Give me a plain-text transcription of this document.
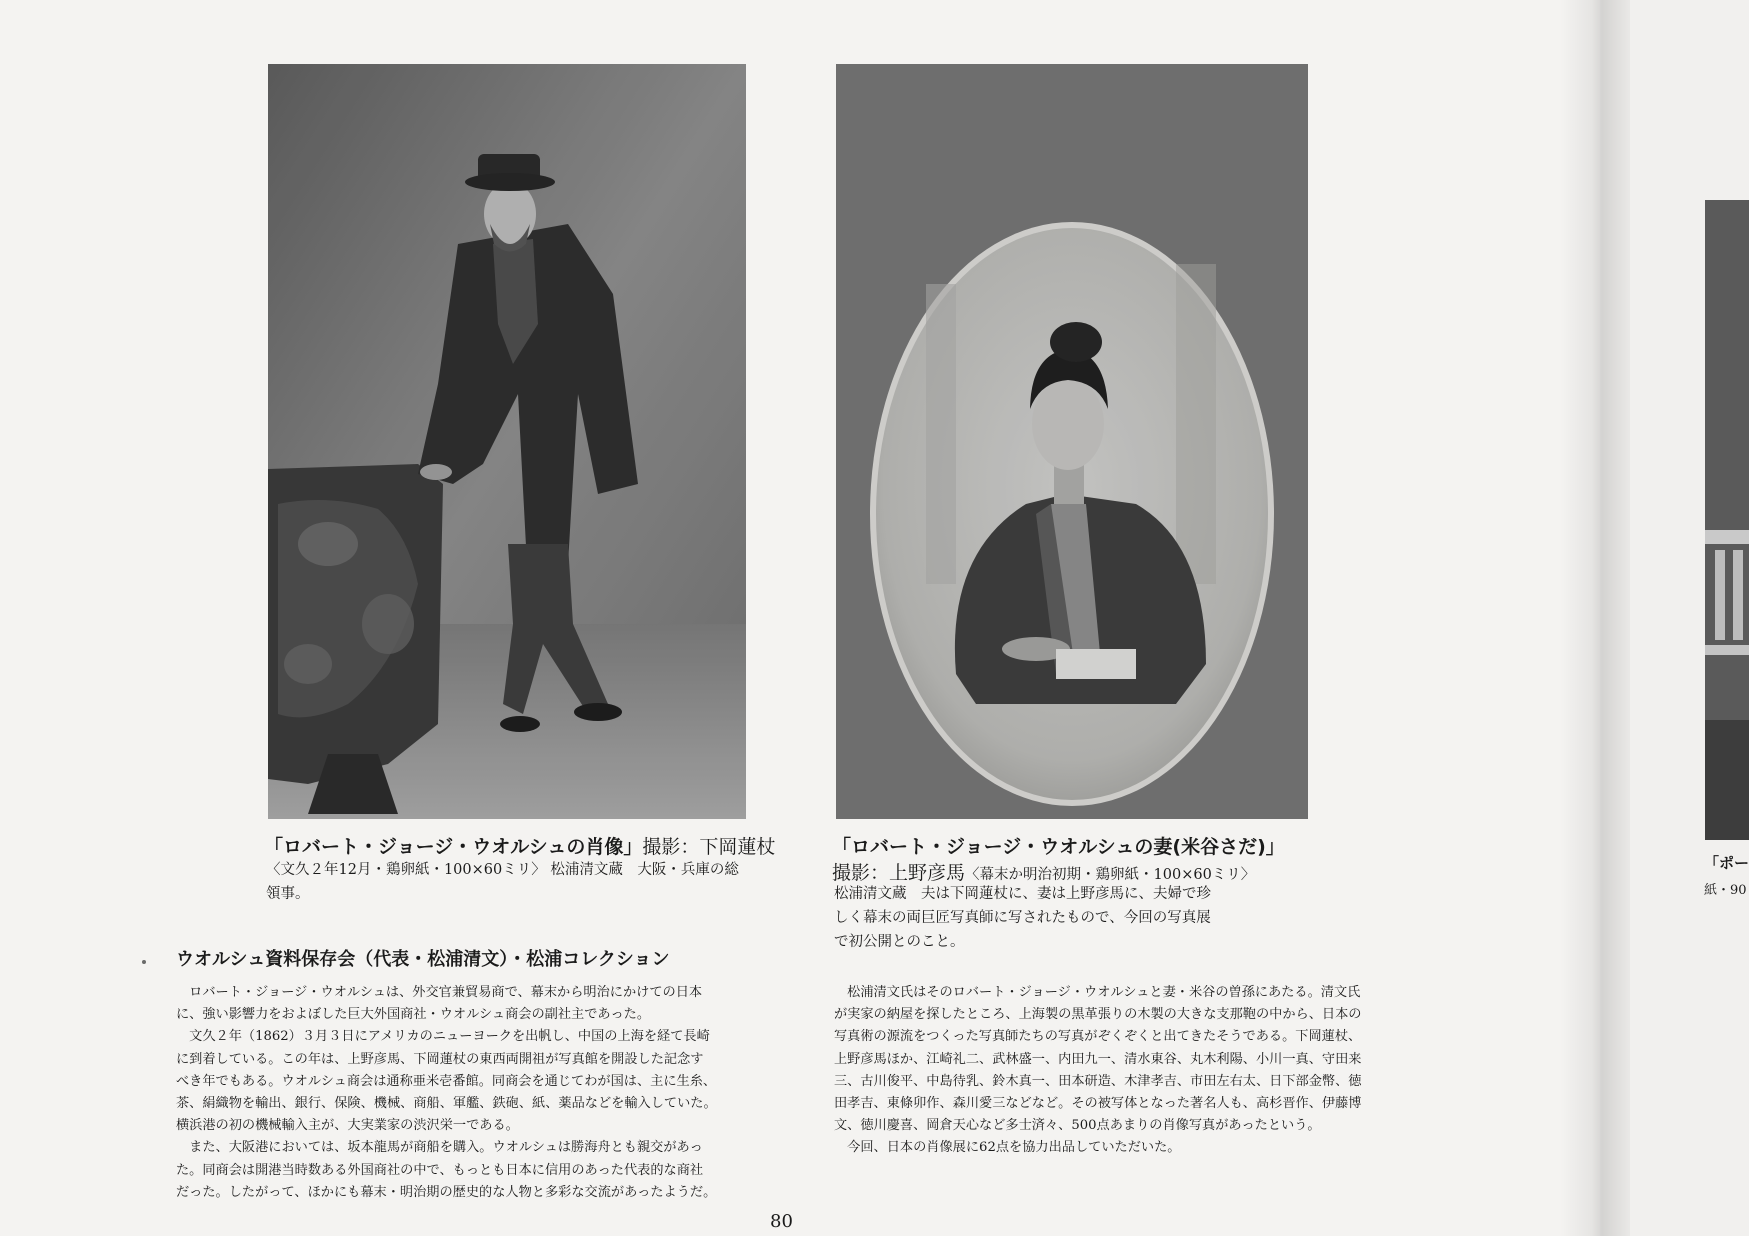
「ロバート・ジョージ・ウオルシュの肖像」撮影：下岡蓮杖
〈文久２年12月・鶏卵紙・100×60ミリ〉 松浦清文蔵　大阪・兵庫の総
領事。
「ロバート・ジョージ・ウオルシュの妻(米谷さだ)」
撮影：上野彦馬〈幕末か明治初期・鶏卵紙・100×60ミリ〉
松浦清文蔵　夫は下岡蓮杖に、妻は上野彦馬に、夫婦で珍
しく幕末の両巨匠写真師に写されたもので、今回の写真展
で初公開とのこと。
ウオルシュ資料保存会（代表・松浦清文）・松浦コレクション

　ロバート・ジョージ・ウオルシュは、外交官兼貿易商で、幕末から明治にかけての日本

に、強い影響力をおよぼした巨大外国商社・ウオルシュ商会の副社主であった。

　文久２年（1862）３月３日にアメリカのニューヨークを出帆し、中国の上海を経て長崎

に到着している。この年は、上野彦馬、下岡蓮杖の東西両開祖が写真館を開設した記念す

べき年でもある。ウオルシュ商会は通称亜米壱番館。同商会を通じてわが国は、主に生糸、

茶、絹織物を輸出、銀行、保険、機械、商船、軍艦、鉄砲、紙、薬品などを輸入していた。

横浜港の初の機械輸入主が、大実業家の渋沢栄一である。

　また、大阪港においては、坂本龍馬が商船を購入。ウオルシュは勝海舟とも親交があっ

た。同商会は開港当時数ある外国商社の中で、もっとも日本に信用のあった代表的な商社

だった。したがって、ほかにも幕末・明治期の歴史的な人物と多彩な交流があったようだ。

　松浦清文氏はそのロバート・ジョージ・ウオルシュと妻・米谷の曽孫にあたる。清文氏

が実家の納屋を探したところ、上海製の黒革張りの木製の大きな支那鞄の中から、日本の

写真術の源流をつくった写真師たちの写真がぞくぞくと出てきたそうである。下岡蓮杖、

上野彦馬ほか、江崎礼二、武林盛一、内田九一、清水東谷、丸木利陽、小川一真、守田来

三、古川俊平、中島待乳、鈴木真一、田本研造、木津孝吉、市田左右太、日下部金幣、徳

田孝吉、東條卯作、森川愛三などなど。その被写体となった著名人も、高杉晋作、伊藤博

文、徳川慶喜、岡倉天心など多士済々、500点あまりの肖像写真があったという。

　今回、日本の肖像展に62点を協力出品していただいた。

80
「ポー
紙・90
